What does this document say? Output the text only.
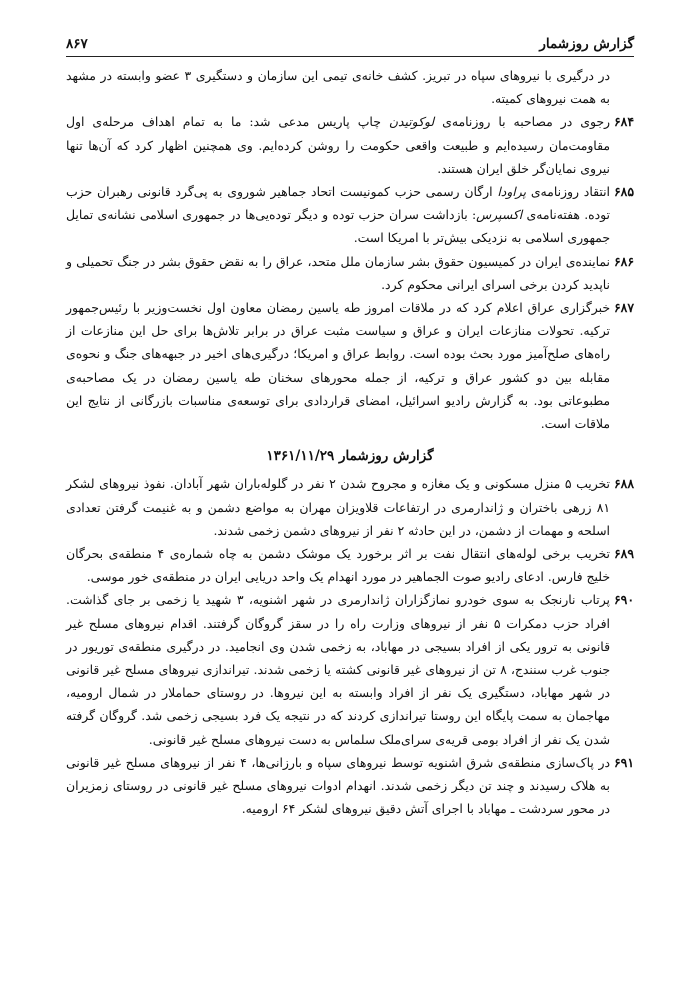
گزارش روزشمار
۸۶۷
در درگیری با نیروهای سپاه در تبریز. کشف خانه‌ی تیمی این سازمان و دستگیری ۳ عضو وابسته در مشهد به همت نیروهای کمیته.
۶۸۴
رجوی در مصاحبه با روزنامه‌ی لوکوتیدن چاپ پاریس مدعی شد: ما به تمام اهداف مرحله‌ی اول مقاومت‌مان رسیده‌ایم و طبیعت واقعی حکومت را روشن کرده‌ایم. وی همچنین اظهار کرد که آن‌ها تنها نیروی نمایان‌گر خلق ایران هستند.
۶۸۵
انتقاد روزنامه‌ی پراودا ارگان رسمی حزب کمونیست اتحاد جماهیر شوروی به پی‌گرد قانونی رهبران حزب توده. هفته‌نامه‌ی اکسپرس: بازداشت سران حزب توده و دیگر توده‌یی‌ها در جمهوری اسلامی نشانه‌ی تمایل جمهوری اسلامی به نزدیکی بیش‌تر با امریکا است.
۶۸۶
نماینده‌ی ایران در کمیسیون حقوق بشر سازمان ملل متحد، عراق را به نقض حقوق بشر در جنگ تحمیلی و ناپدید کردن برخی اسرای ایرانی محکوم کرد.
۶۸۷
خبرگزاری عراق اعلام کرد که در ملاقات امروز طه یاسین رمضان معاون اول نخست‌وزیر با رئیس‌جمهور ترکیه. تحولات منازعات ایران و عراق و سیاست مثبت عراق در برابر تلاش‌ها برای حل این منازعات از راه‌های صلح‌آمیز مورد بحث بوده است. روابط عراق و امریکا؛ درگیری‌های اخیر در جبهه‌های جنگ و نحوه‌ی مقابله بین دو کشور عراق و ترکیه، از جمله محورهای سخنان طه یاسین رمضان در یک مصاحبه‌ی مطبوعاتی بود. به گزارش رادیو اسرائیل، امضای قراردادی برای توسعه‌ی مناسبات بازرگانی از نتایج این ملاقات است.
گزارش روزشمار ۱۳۶۱/۱۱/۲۹
۶۸۸
تخریب ۵ منزل مسکونی و یک مغازه و مجروح شدن ۲ نفر در گلوله‌باران شهر آبادان. نفوذ نیروهای لشکر ۸۱ زرهی باختران و ژاندارمری در ارتفاعات قلاویزان مهران به مواضع دشمن و به غنیمت گرفتن تعدادی اسلحه و مهمات از دشمن، در این حادثه ۲ نفر از نیروهای دشمن زخمی شدند.
۶۸۹
تخریب برخی لوله‌های انتقال نفت بر اثر برخورد یک موشک دشمن به چاه شماره‌ی ۴ منطقه‌ی بحرگان خلیج فارس. ادعای رادیو صوت الجماهیر در مورد انهدام یک واحد دریایی ایران در منطقه‌ی خور موسی.
۶۹۰
پرتاب نارنجک به سوی خودرو نمازگزاران ژاندارمری در شهر اشنویه، ۳ شهید یا زخمی بر جای گذاشت. افراد حزب دمکرات ۵ نفر از نیروهای وزارت راه را در سقز گروگان گرفتند. اقدام نیروهای مسلح غیر قانونی به ترور یکی از افراد بسیجی در مهاباد، به زخمی شدن وی انجامید. در درگیری منطقه‌ی توریور در جنوب غرب سنندج، ۸ تن از نیروهای غیر قانونی کشته یا زخمی شدند. تیراندازی نیروهای مسلح غیر قانونی در شهر مهاباد، دستگیری یک نفر از افراد وابسته به این نیروها. در روستای حماملار در شمال ارومیه، مهاجمان به سمت پایگاه این روستا تیراندازی کردند که در نتیجه یک فرد بسیجی زخمی شد. گروگان گرفته شدن یک نفر از افراد بومی قریه‌ی سرای‌ملک سلماس به دست نیروهای مسلح غیر قانونی.
۶۹۱
در پاک‌سازی منطقه‌ی شرق اشنویه توسط نیروهای سپاه و بارزانی‌ها، ۴ نفر از نیروهای مسلح غیر قانونی به هلاک رسیدند و چند تن دیگر زخمی شدند. انهدام ادوات نیروهای مسلح غیر قانونی در روستای زمزیران در محور سردشت ـ مهاباد با اجرای آتش دقیق نیروهای لشکر ۶۴ ارومیه.
